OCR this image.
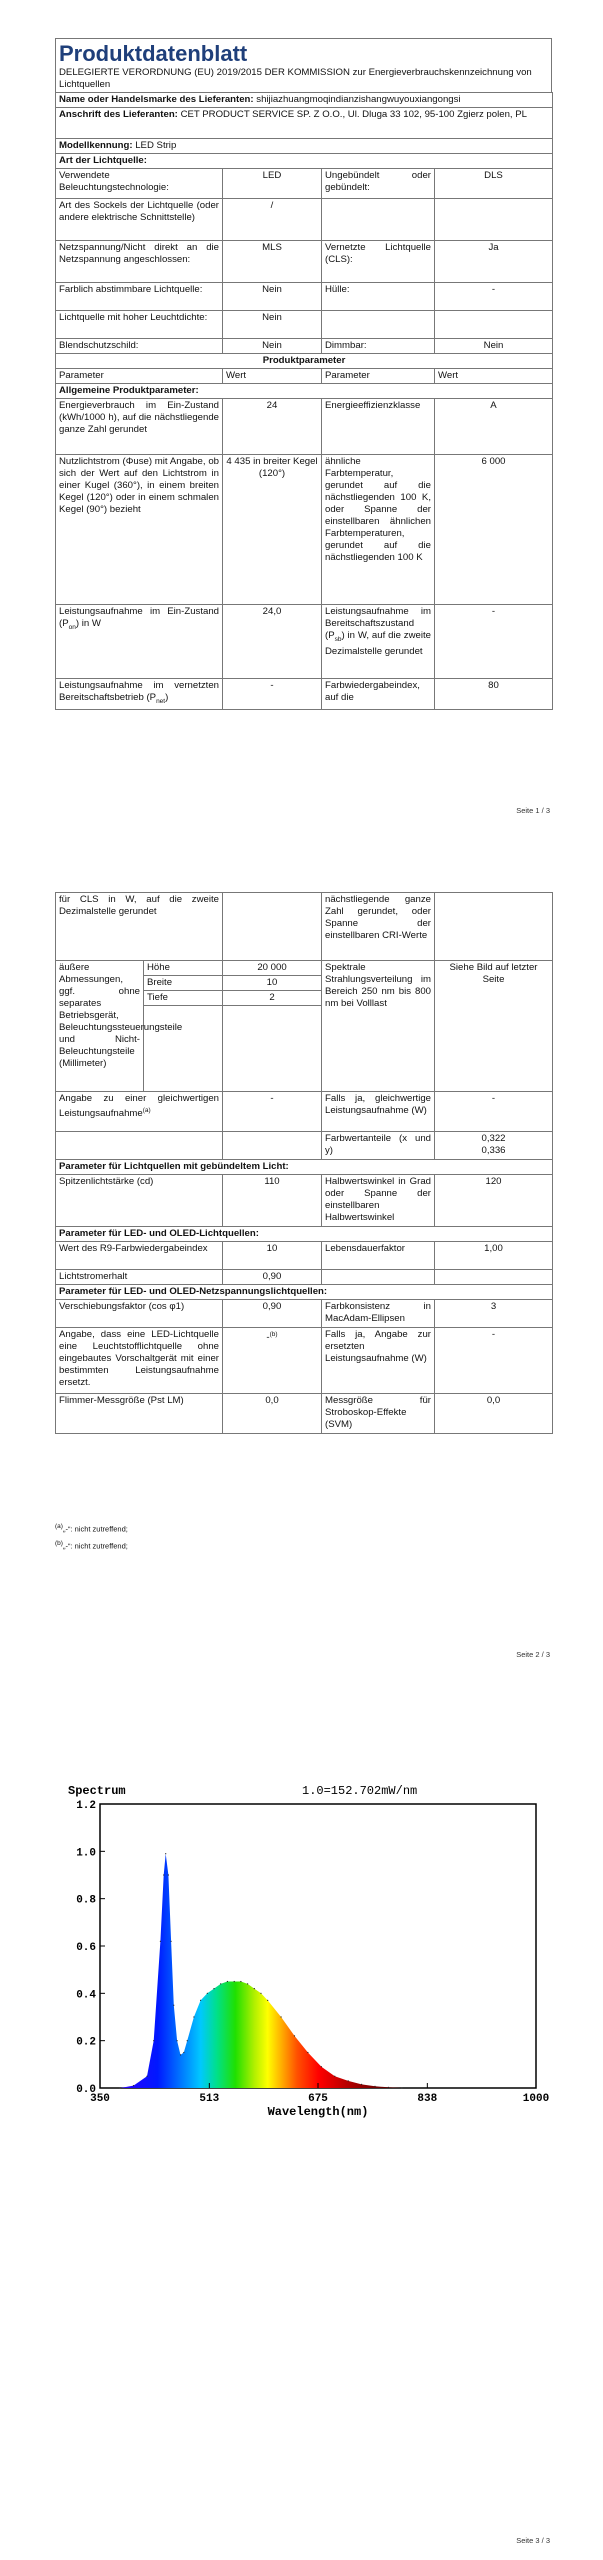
Produktdatenblatt
DELEGIERTE VERORDNUNG (EU) 2019/2015 DER KOMMISSION zur Energieverbrauchskennzeichnung von Lichtquellen
Name oder Handelsmarke des Lieferanten: shijiazhuangmoqindianzishangwuyouxiangongsi			
Anschrift des Lieferanten: CET PRODUCT SERVICE SP. Z O.O., Ul. Dluga 33 102, 95-100 Zgierz polen, PL			
Modellkennung: LED Strip			
Art der Lichtquelle:			
Verwendete Beleuchtungstechnologie:	LED	Ungebündelt oder gebündelt:	DLS
Art des Sockels der Lichtquelle (oder andere elektrische Schnittstelle)	/		
Netzspannung/Nicht direkt an die Netzspannung angeschlossen:	MLS	Vernetzte Lichtquelle (CLS):	Ja
Farblich abstimmbare Lichtquelle:	Nein	Hülle:	-
Lichtquelle mit hoher Leuchtdichte:	Nein		
Blendschutzschild:	Nein	Dimmbar:	Nein
Produktparameter			
Parameter	Wert	Parameter	Wert
Allgemeine Produktparameter:			
Energieverbrauch im Ein-Zustand (kWh/1000 h), auf die nächstliegende ganze Zahl gerundet	24	Energieeffizienzklasse	A
Nutzlichtstrom (Φuse) mit Angabe, ob sich der Wert auf den Lichtstrom in einer Kugel (360°), in einem breiten Kegel (120°) oder in einem schmalen Kegel (90°) bezieht	4 435 in breiter Kegel (120°)	ähnliche Farbtemperatur, gerundet auf die nächstliegenden 100 K, oder Spanne der einstellbaren ähnlichen Farbtemperaturen, gerundet auf die nächstliegenden 100 K	6 000
Leistungsaufnahme im Ein-Zustand $(P_{on})$ in W	24,0	Leistungsaufnahme im Bereitschaftszustand $(P_{sb})$ in W, auf die zweite Dezimalstelle gerundet	-
Leistungsaufnahme im vernetzten Bereitschaftsbetrieb $(P_{net})$	-	Farbwiedergabeindex, auf die	80
Seite 1 / 3
für CLS in W, auf die zweite Dezimalstelle gerundet			nächstliegende ganze Zahl gerundet, oder Spanne der einstellbaren CRI-Werte	
äußere Abmessungen, ggf. ohne separates Betriebsgerät, Beleuchtungssteuerungsteile und Nicht-Beleuchtungsteile (Millimeter)	Höhe	20 000	Spektrale Strahlungsverteilung im Bereich 250 nm bis 800 nm bei Volllast	Siehe Bild auf letzter Seite
	Breite	10		
	Tiefe	2		

Angabe zu einer gleichwertigen Leistungsaufnahme$^{(a)}$		-	Falls ja, gleichwertige Leistungsaufnahme (W)	-
			Farbwertanteile (x und y)	0,322
0,336

Parameter für Lichtquellen mit gebündeltem Licht:				
Spitzenlichtstärke (cd)		110	Halbwertswinkel in Grad oder Spanne der einstellbaren Halbwertswinkel	120
Parameter für LED- und OLED-Lichtquellen:				
Wert des R9-Farbwiedergabeindex		10	Lebensdauerfaktor	1,00
Lichtstromerhalt		0,90		
Parameter für LED- und OLED-Netzspannungslichtquellen:				
Verschiebungsfaktor (cos φ1)		0,90	Farbkonsistenz in MacAdam-Ellipsen	3
Angabe, dass eine LED-Lichtquelle eine Leuchtstofflichtquelle ohne eingebautes Vorschaltgerät mit einer bestimmten Leistungsaufnahme ersetzt.		-$^{(b)}$	Falls ja, Angabe zur ersetzten Leistungsaufnahme (W)	-
Flimmer-Messgröße (Pst LM)		0,0	Messgröße für Stroboskop-Effekte (SVM)	0,0
$^{(a)}$„-“: nicht zutreffend;
$^{(b)}$„-“: nicht zutreffend;
Seite 2 / 3
Seite 3 / 3
Spectrum	1.0=152.702mW/nm
0.0
0.2
0.4
0.6
0.8
1.0
1.2
350	513	675	838	1000
Wavelength(nm)
